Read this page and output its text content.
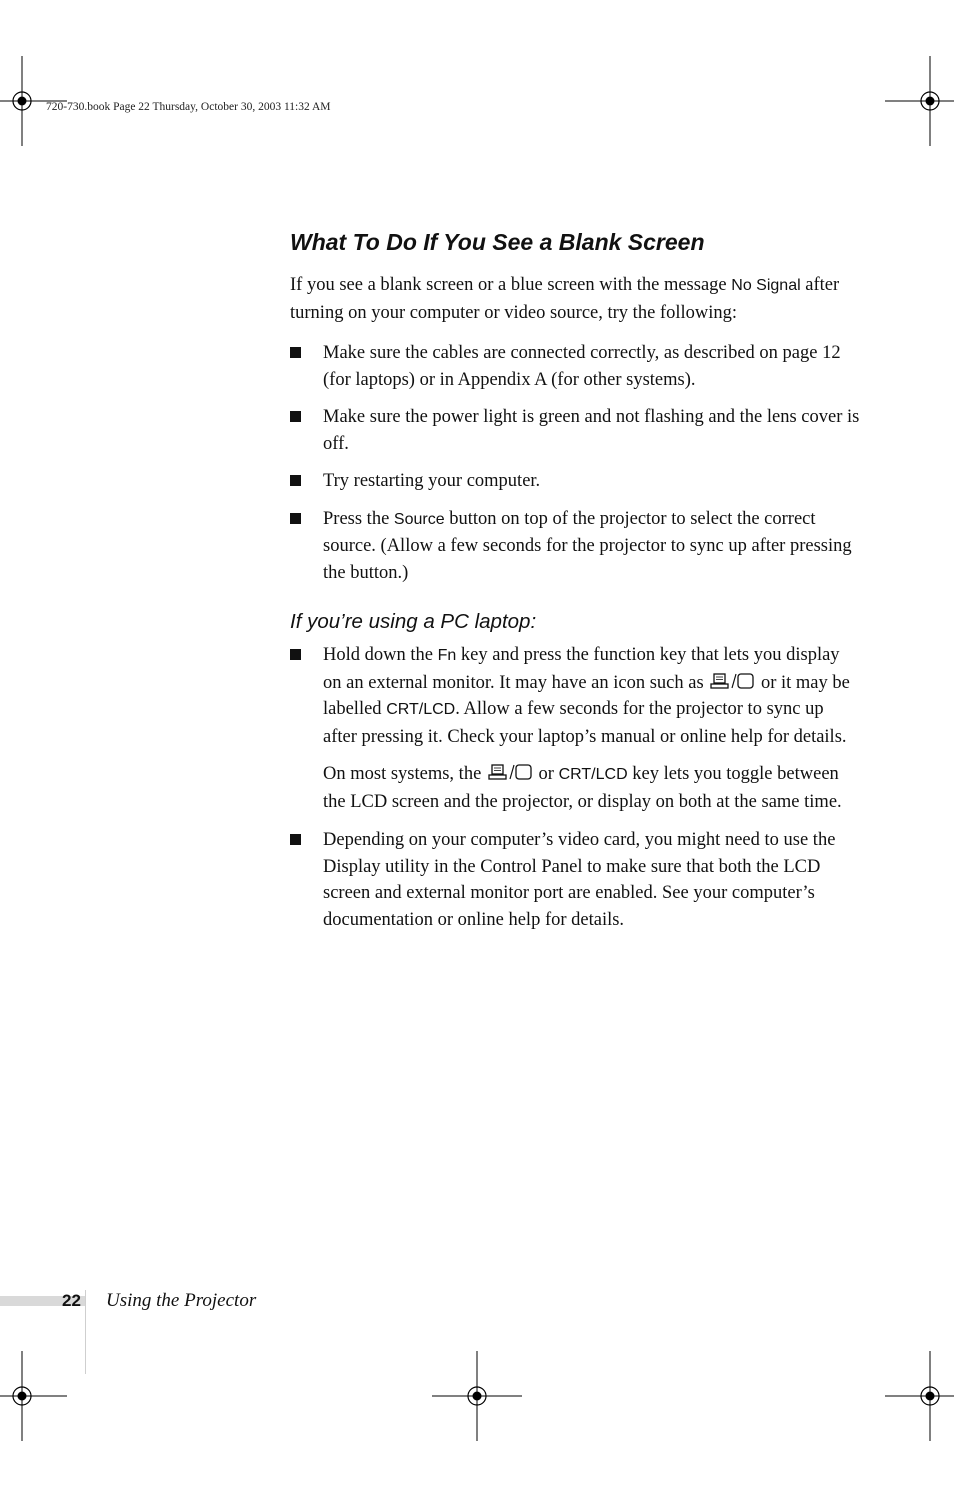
720-730.book Page 22 Thursday, October 30, 2003 11:32 AM
What To Do If You See a Blank Screen

If you see a blank screen or a blue screen with the message No Signal after turning on your computer or video source, try the following:

Make sure the cables are connected correctly, as described on page 12 (for laptops) or in Appendix A (for other systems).

Make sure the power light is green and not flashing and the lens cover is off.

Try restarting your computer.

Press the Source button on top of the projector to select the correct source. (Allow a few seconds for the projector to sync up after pressing the button.)

If you’re using a PC laptop:

Hold down the Fn key and press the function key that lets you display on an external monitor. It may have an icon such as	or it may be labelled CRT/LCD. Allow a few seconds for the projector to sync up after pressing it. Check your laptop’s manual or online help for details.

On most systems, the	or CRT/LCD key lets you toggle between the LCD screen and the projector, or display on both at the same time.

Depending on your computer’s video card, you might need to use the Display utility in the Control Panel to make sure that both the LCD screen and external monitor port are enabled. See your computer’s documentation or online help for details.

22 Using the Projector
